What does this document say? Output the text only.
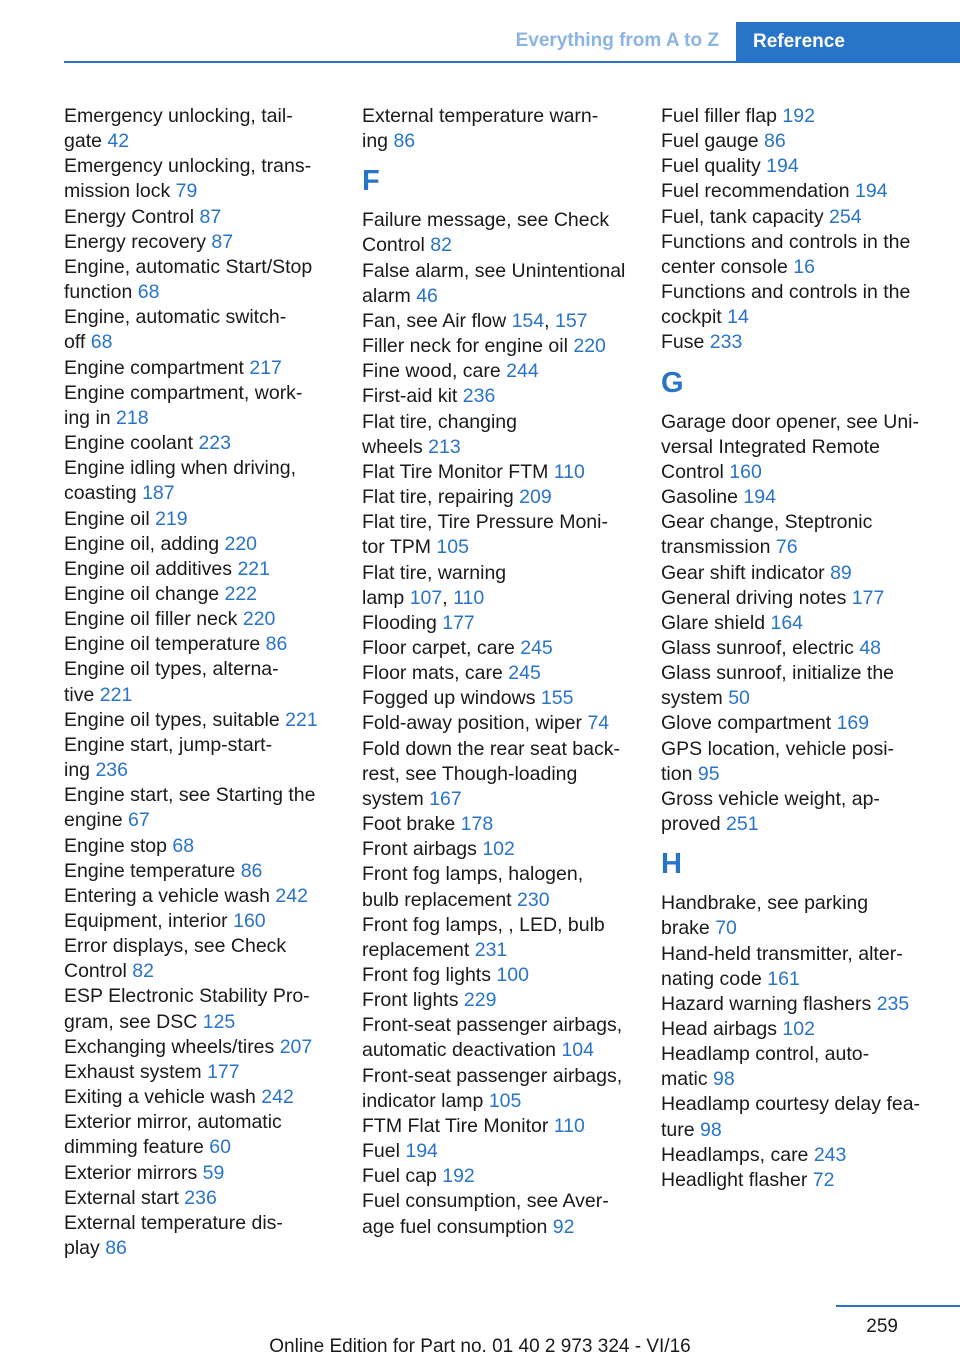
Everything from A to Z Reference
Emergency unlocking, tail-
gate 42
Emergency unlocking, trans-
mission lock 79
Energy Control 87
Energy recovery 87
Engine, automatic Start/Stop
function 68
Engine, automatic switch-
off 68
Engine compartment 217
Engine compartment, work-
ing in 218
Engine coolant 223
Engine idling when driving,
coasting 187
Engine oil 219
Engine oil, adding 220
Engine oil additives 221
Engine oil change 222
Engine oil filler neck 220
Engine oil temperature 86
Engine oil types, alterna-
tive 221
Engine oil types, suitable 221
Engine start, jump-start-
ing 236
Engine start, see Starting the
engine 67
Engine stop 68
Engine temperature 86
Entering a vehicle wash 242
Equipment, interior 160
Error displays, see Check
Control 82
ESP Electronic Stability Pro-
gram, see DSC 125
Exchanging wheels/tires 207
Exhaust system 177
Exiting a vehicle wash 242
Exterior mirror, automatic
dimming feature 60
Exterior mirrors 59
External start 236
External temperature dis-
play 86
External temperature warn-
ing 86
F
Failure message, see Check
Control 82
False alarm, see Unintentional
alarm 46
Fan, see Air flow 154, 157
Filler neck for engine oil 220
Fine wood, care 244
First-aid kit 236
Flat tire, changing
wheels 213
Flat Tire Monitor FTM 110
Flat tire, repairing 209
Flat tire, Tire Pressure Moni-
tor TPM 105
Flat tire, warning
lamp 107, 110
Flooding 177
Floor carpet, care 245
Floor mats, care 245
Fogged up windows 155
Fold-away position, wiper 74
Fold down the rear seat back-
rest, see Though-loading
system 167
Foot brake 178
Front airbags 102
Front fog lamps, halogen,
bulb replacement 230
Front fog lamps, , LED, bulb
replacement 231
Front fog lights 100
Front lights 229
Front-seat passenger airbags,
automatic deactivation 104
Front-seat passenger airbags,
indicator lamp 105
FTM Flat Tire Monitor 110
Fuel 194
Fuel cap 192
Fuel consumption, see Aver-
age fuel consumption 92
Fuel filler flap 192
Fuel gauge 86
Fuel quality 194
Fuel recommendation 194
Fuel, tank capacity 254
Functions and controls in the
center console 16
Functions and controls in the
cockpit 14
Fuse 233
G
Garage door opener, see Uni-
versal Integrated Remote
Control 160
Gasoline 194
Gear change, Steptronic
transmission 76
Gear shift indicator 89
General driving notes 177
Glare shield 164
Glass sunroof, electric 48
Glass sunroof, initialize the
system 50
Glove compartment 169
GPS location, vehicle posi-
tion 95
Gross vehicle weight, ap-
proved 251
H
Handbrake, see parking
brake 70
Hand-held transmitter, alter-
nating code 161
Hazard warning flashers 235
Head airbags 102
Headlamp control, auto-
matic 98
Headlamp courtesy delay fea-
ture 98
Headlamps, care 243
Headlight flasher 72
259
Online Edition for Part no. 01 40 2 973 324 - VI/16
